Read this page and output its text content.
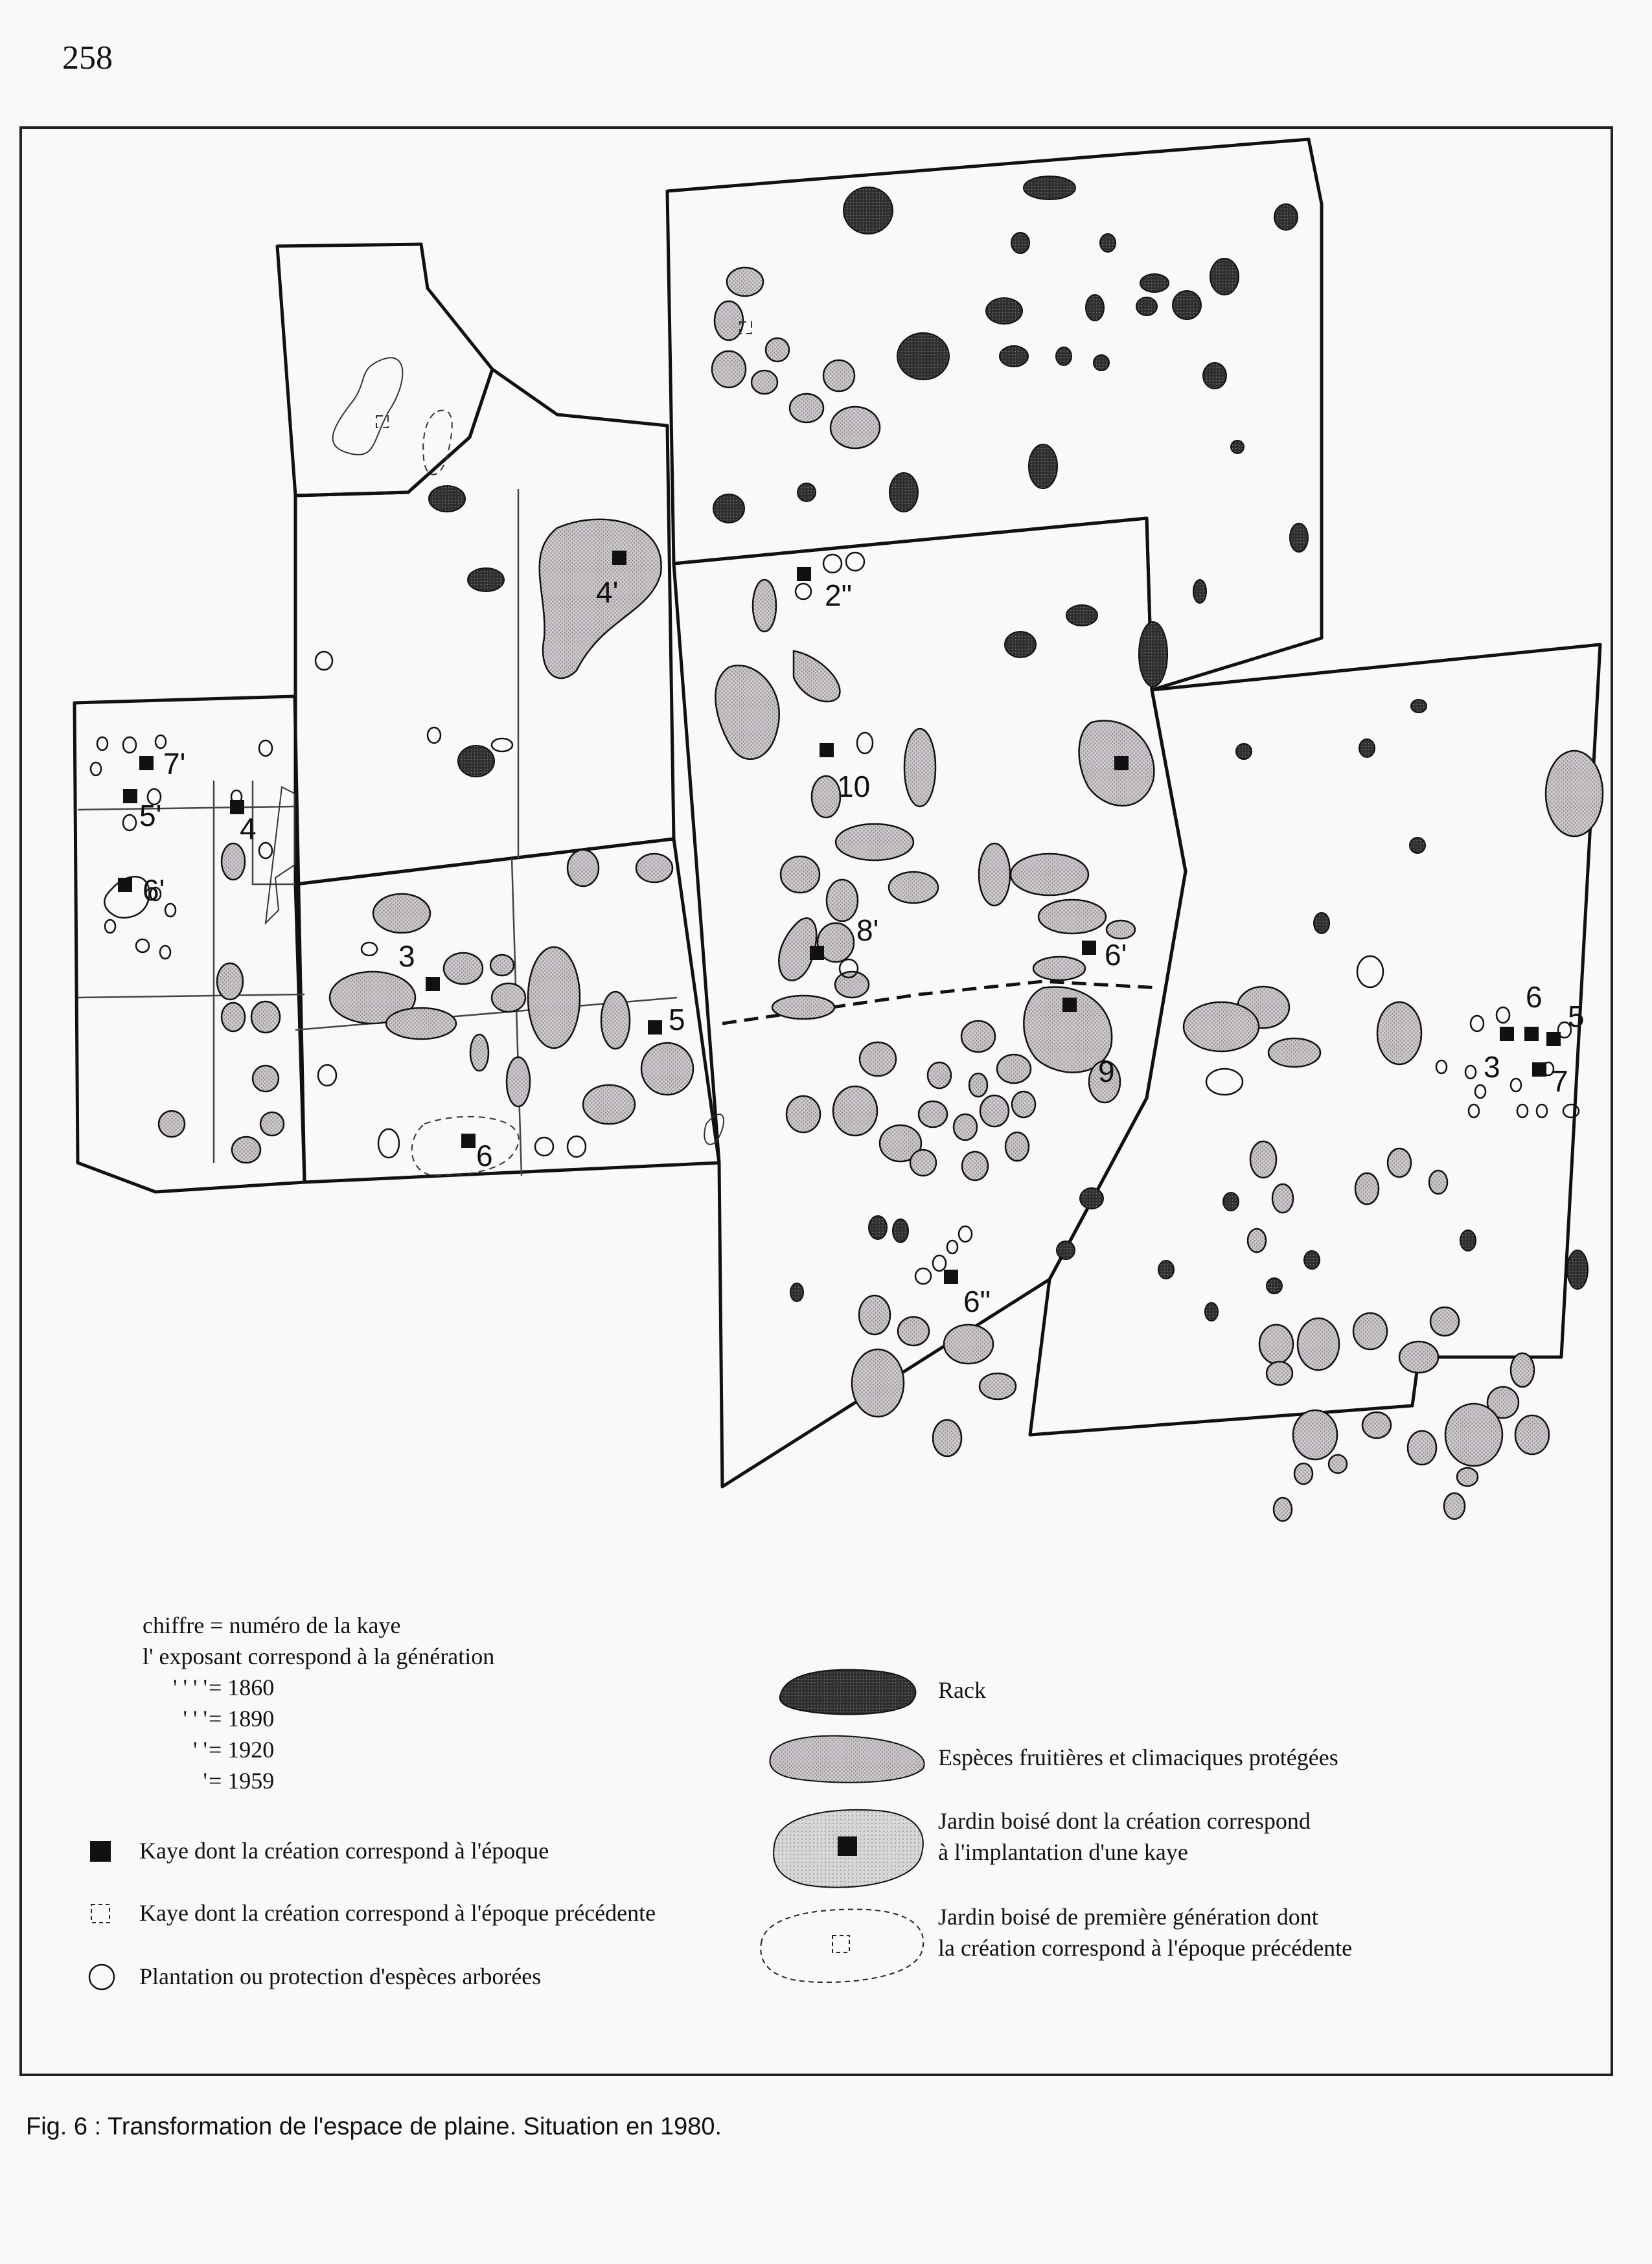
258
4'	2"
7'
5'	4
6'
10
8'
6'
3
5
6
9
6"
6
5
3 7
chiffre = numéro de la kaye
l' exposant correspond à la génération
' ' ' ' = 1860
' ' ' = 1890
' ' = 1920
' = 1959
Kaye dont la création correspond à l'époque
Kaye dont la création correspond à l'époque précédente
Plantation ou protection d'espèces arborées
Rack
Espèces fruitières et climaciques protégées
Jardin boisé dont la création correspond
à l'implantation d'une kaye
Jardin boisé de première génération dont
la création correspond à l'époque précédente
Fig. 6 : Transformation de l'espace de plaine. Situation en 1980.
